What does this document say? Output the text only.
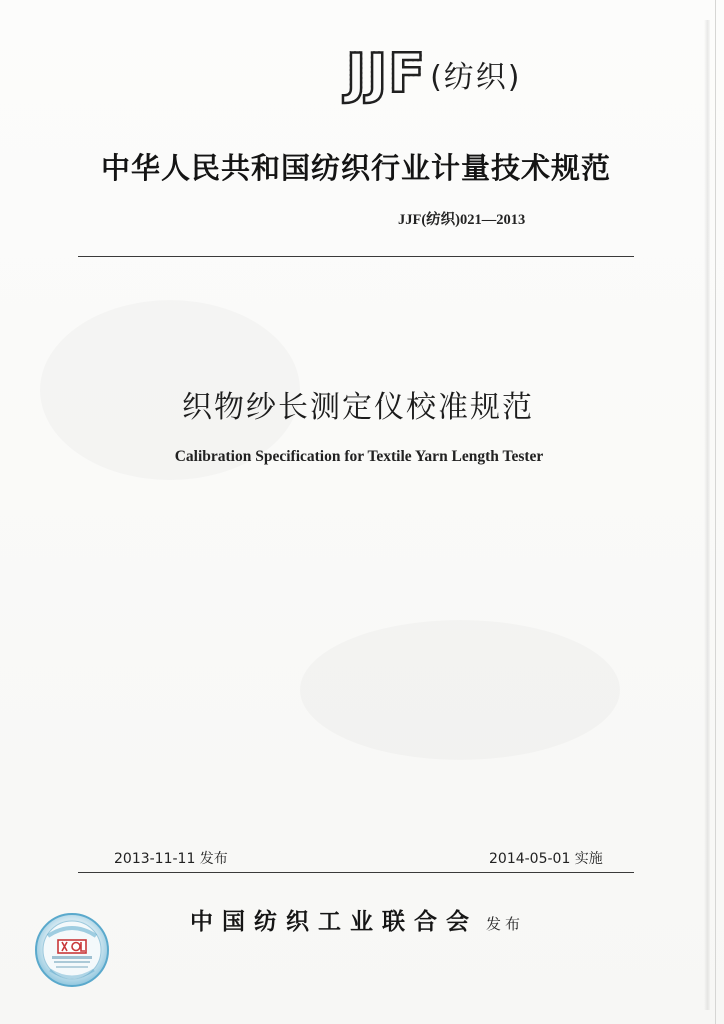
JJF (纺织)
中华人民共和国纺织行业计量技术规范
JJF(纺织)021—2013
织物纱长测定仪校准规范
Calibration Specification for Textile Yarn Length Tester
2013-11-11 发布	2014-05-01 实施
中国纺织工业联合会 发布
